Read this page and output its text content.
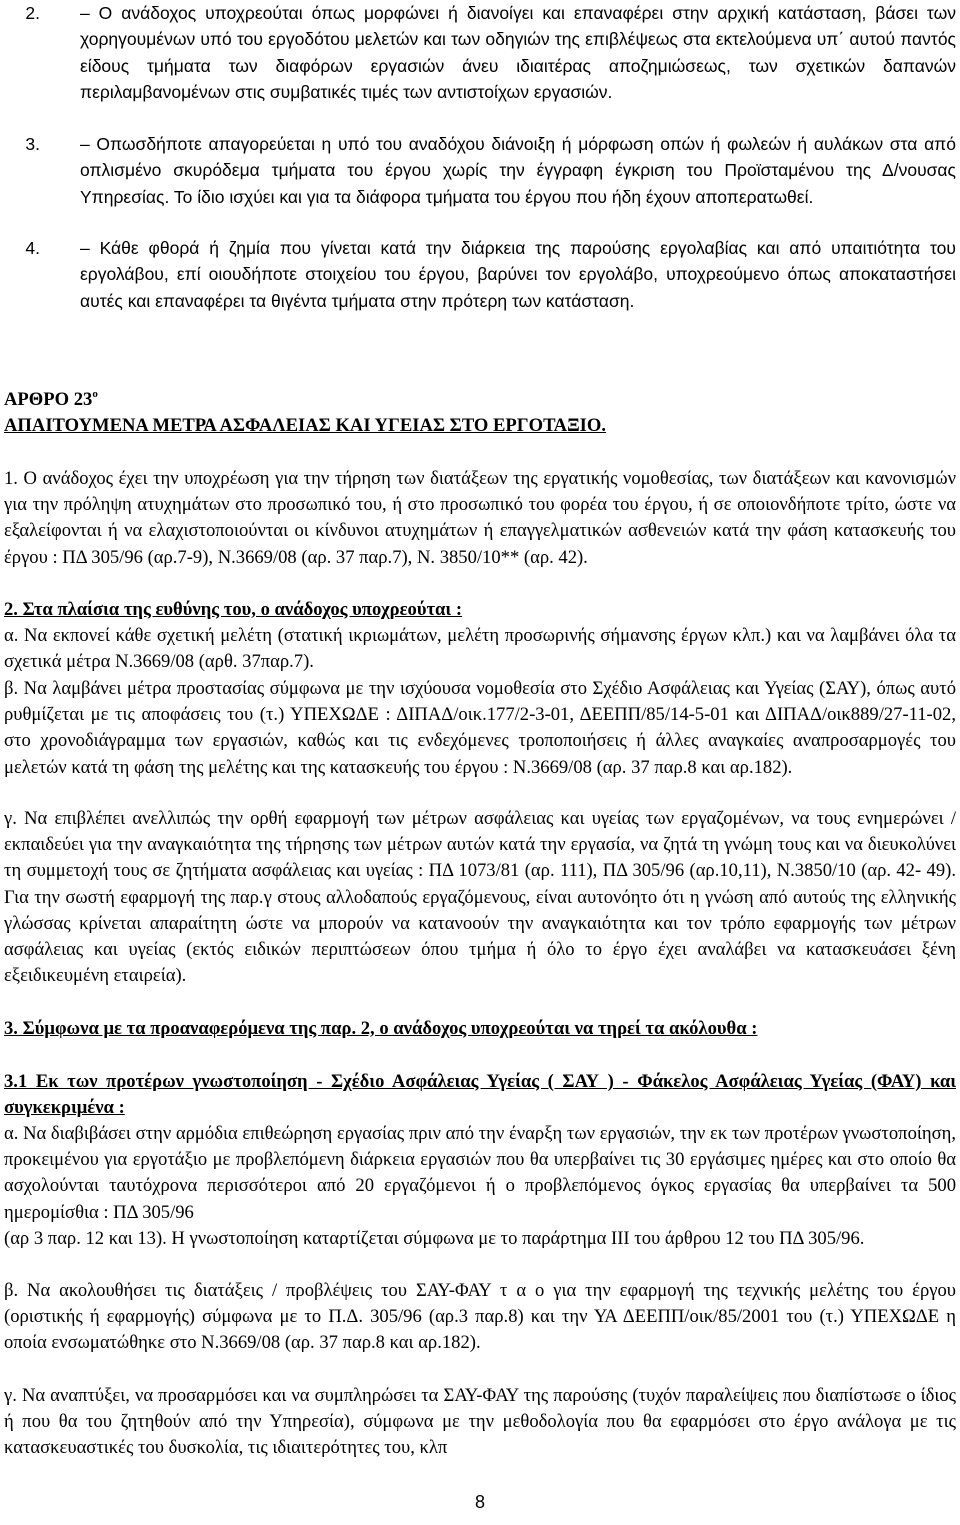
2.	– Ο ανάδοχος υποχρεούται όπως μορφώνει ή διανοίγει και επαναφέρει στην αρχική κατάσταση, βάσει των χορηγουμένων υπό του εργοδότου μελετών και των οδηγιών της επιβλέψεως στα εκτελούμενα υπ΄ αυτού παντός είδους τμήματα των διαφόρων εργασιών άνευ ιδιαιτέρας αποζημιώσεως, των σχετικών δαπανών περιλαμβανομένων στις συμβατικές τιμές των αντιστοίχων εργασιών.
3.	– Οπωσδήποτε απαγορεύεται η υπό του αναδόχου διάνοιξη ή μόρφωση οπών ή φωλεών ή αυλάκων στα από οπλισμένο σκυρόδεμα τμήματα του έργου χωρίς την έγγραφη έγκριση του Προϊσταμένου της Δ/νουσας Υπηρεσίας. Το ίδιο ισχύει και για τα διάφορα τμήματα του έργου που ήδη έχουν αποπερατωθεί.
4.	– Κάθε φθορά ή ζημία που γίνεται κατά την διάρκεια της παρούσης εργολαβίας και από υπαιτιότητα του εργολάβου, επί οιουδήποτε στοιχείου του έργου, βαρύνει τον εργολάβο, υποχρεούμενο όπως αποκαταστήσει αυτές και επαναφέρει τα θιγέντα τμήματα στην πρότερη των κατάσταση.
ΑΡΘΡΟ $23^o$
ΑΠΑΙΤΟΥΜΕΝΑ ΜΕΤΡΑ ΑΣΦΑΛΕΙΑΣ ΚΑΙ ΥΓΕΙΑΣ ΣΤΟ ΕΡΓΟΤΑΞΙΟ.

1. Ο ανάδοχος έχει την υποχρέωση για την τήρηση των διατάξεων της εργατικής νομοθεσίας, των διατάξεων και κανονισμών για την πρόληψη ατυχημάτων στο προσωπικό του, ή στο προσωπικό του φορέα του έργου, ή σε οποιονδήποτε τρίτο, ώστε να εξαλείφονται ή να ελαχιστοποιούνται οι κίνδυνοι ατυχημάτων ή επαγγελματικών ασθενειών κατά την φάση κατασκευής του έργου : ΠΔ 305/96 (αρ.7-9), Ν.3669/08 (αρ. 37 παρ.7), Ν. 3850/10** (αρ. 42).

2. Στα πλαίσια της ευθύνης του, ο ανάδοχος υποχρεούται :

α. Να εκπονεί κάθε σχετική μελέτη (στατική ικριωμάτων, μελέτη προσωρινής σήμανσης έργων κλπ.) και να λαμβάνει όλα τα σχετικά μέτρα Ν.3669/08 (αρθ. 37παρ.7).

β. Να λαμβάνει μέτρα προστασίας σύμφωνα με την ισχύουσα νομοθεσία στο Σχέδιο Ασφάλειας και Υγείας (ΣΑΥ), όπως αυτό ρυθμίζεται με τις αποφάσεις του (τ.) ΥΠΕΧΩΔΕ : ΔΙΠΑΔ/οικ.177/2-3-01, ΔΕΕΠΠ/85/14-5-01 και ΔΙΠΑΔ/οικ889/27-11-02, στο χρονοδιάγραμμα των εργασιών, καθώς και τις ενδεχόμενες τροποποιήσεις ή άλλες αναγκαίες αναπροσαρμογές του μελετών κατά τη φάση της μελέτης και της κατασκευής του έργου : Ν.3669/08 (αρ. 37 παρ.8 και αρ.182).

γ. Να επιβλέπει ανελλιπώς την ορθή εφαρμογή των μέτρων ασφάλειας και υγείας των εργαζομένων, να τους ενημερώνει / εκπαιδεύει για την αναγκαιότητα της τήρησης των μέτρων αυτών κατά την εργασία, να ζητά τη γνώμη τους και να διευκολύνει τη συμμετοχή τους σε ζητήματα ασφάλειας και υγείας : ΠΔ 1073/81 (αρ. 111), ΠΔ 305/96 (αρ.10,11), Ν.3850/10 (αρ. 42- 49). Για την σωστή εφαρμογή της παρ.γ στους αλλοδαπούς εργαζόμενους, είναι αυτονόητο ότι η γνώση από αυτούς της ελληνικής γλώσσας κρίνεται απαραίτητη ώστε να μπορούν να κατανοούν την αναγκαιότητα και τον τρόπο εφαρμογής των μέτρων ασφάλειας και υγείας (εκτός ειδικών περιπτώσεων όπου τμήμα ή όλο το έργο έχει αναλάβει να κατασκευάσει ξένη εξειδικευμένη εταιρεία).

3. Σύμφωνα με τα προαναφερόμενα της παρ. 2, ο ανάδοχος υποχρεούται να τηρεί τα ακόλουθα :

3.1 Εκ των προτέρων γνωστοποίηση - Σχέδιο Ασφάλειας Υγείας ( ΣΑΥ ) - Φάκελος Ασφάλειας Υγείας (ΦΑΥ) και συγκεκριμένα :

α. Να διαβιβάσει στην αρμόδια επιθεώρηση εργασίας πριν από την έναρξη των εργασιών, την εκ των προτέρων γνωστοποίηση, προκειμένου για εργοτάξιο με προβλεπόμενη διάρκεια εργασιών που θα υπερβαίνει τις 30 εργάσιμες ημέρες και στο οποίο θα ασχολούνται ταυτόχρονα περισσότεροι από 20 εργαζόμενοι ή ο προβλεπόμενος όγκος εργασίας θα υπερβαίνει τα 500 ημερομίσθια : ΠΔ 305/96

(αρ 3 παρ. 12 και 13). Η γνωστοποίηση καταρτίζεται σύμφωνα με το παράρτημα ΙΙΙ του άρθρου 12 του ΠΔ 305/96.

β. Να ακολουθήσει τις διατάξεις / προβλέψεις του ΣΑΥ-ΦΑΥ τ α ο για την εφαρμογή της τεχνικής μελέτης του έργου (οριστικής ή εφαρμογής) σύμφωνα με το Π.Δ. 305/96 (αρ.3 παρ.8) και την ΥΑ ΔΕΕΠΠ/οικ/85/2001 του (τ.) ΥΠΕΧΩΔΕ η οποία ενσωματώθηκε στο Ν.3669/08 (αρ. 37 παρ.8 και αρ.182).

γ. Να αναπτύξει, να προσαρμόσει και να συμπληρώσει τα ΣΑΥ-ΦΑΥ της παρούσης (τυχόν παραλείψεις που διαπίστωσε ο ίδιος ή που θα του ζητηθούν από την Υπηρεσία), σύμφωνα με την μεθοδολογία που θα εφαρμόσει στο έργο ανάλογα με τις κατασκευαστικές του δυσκολία, τις ιδιαιτερότητες του, κλπ

8
